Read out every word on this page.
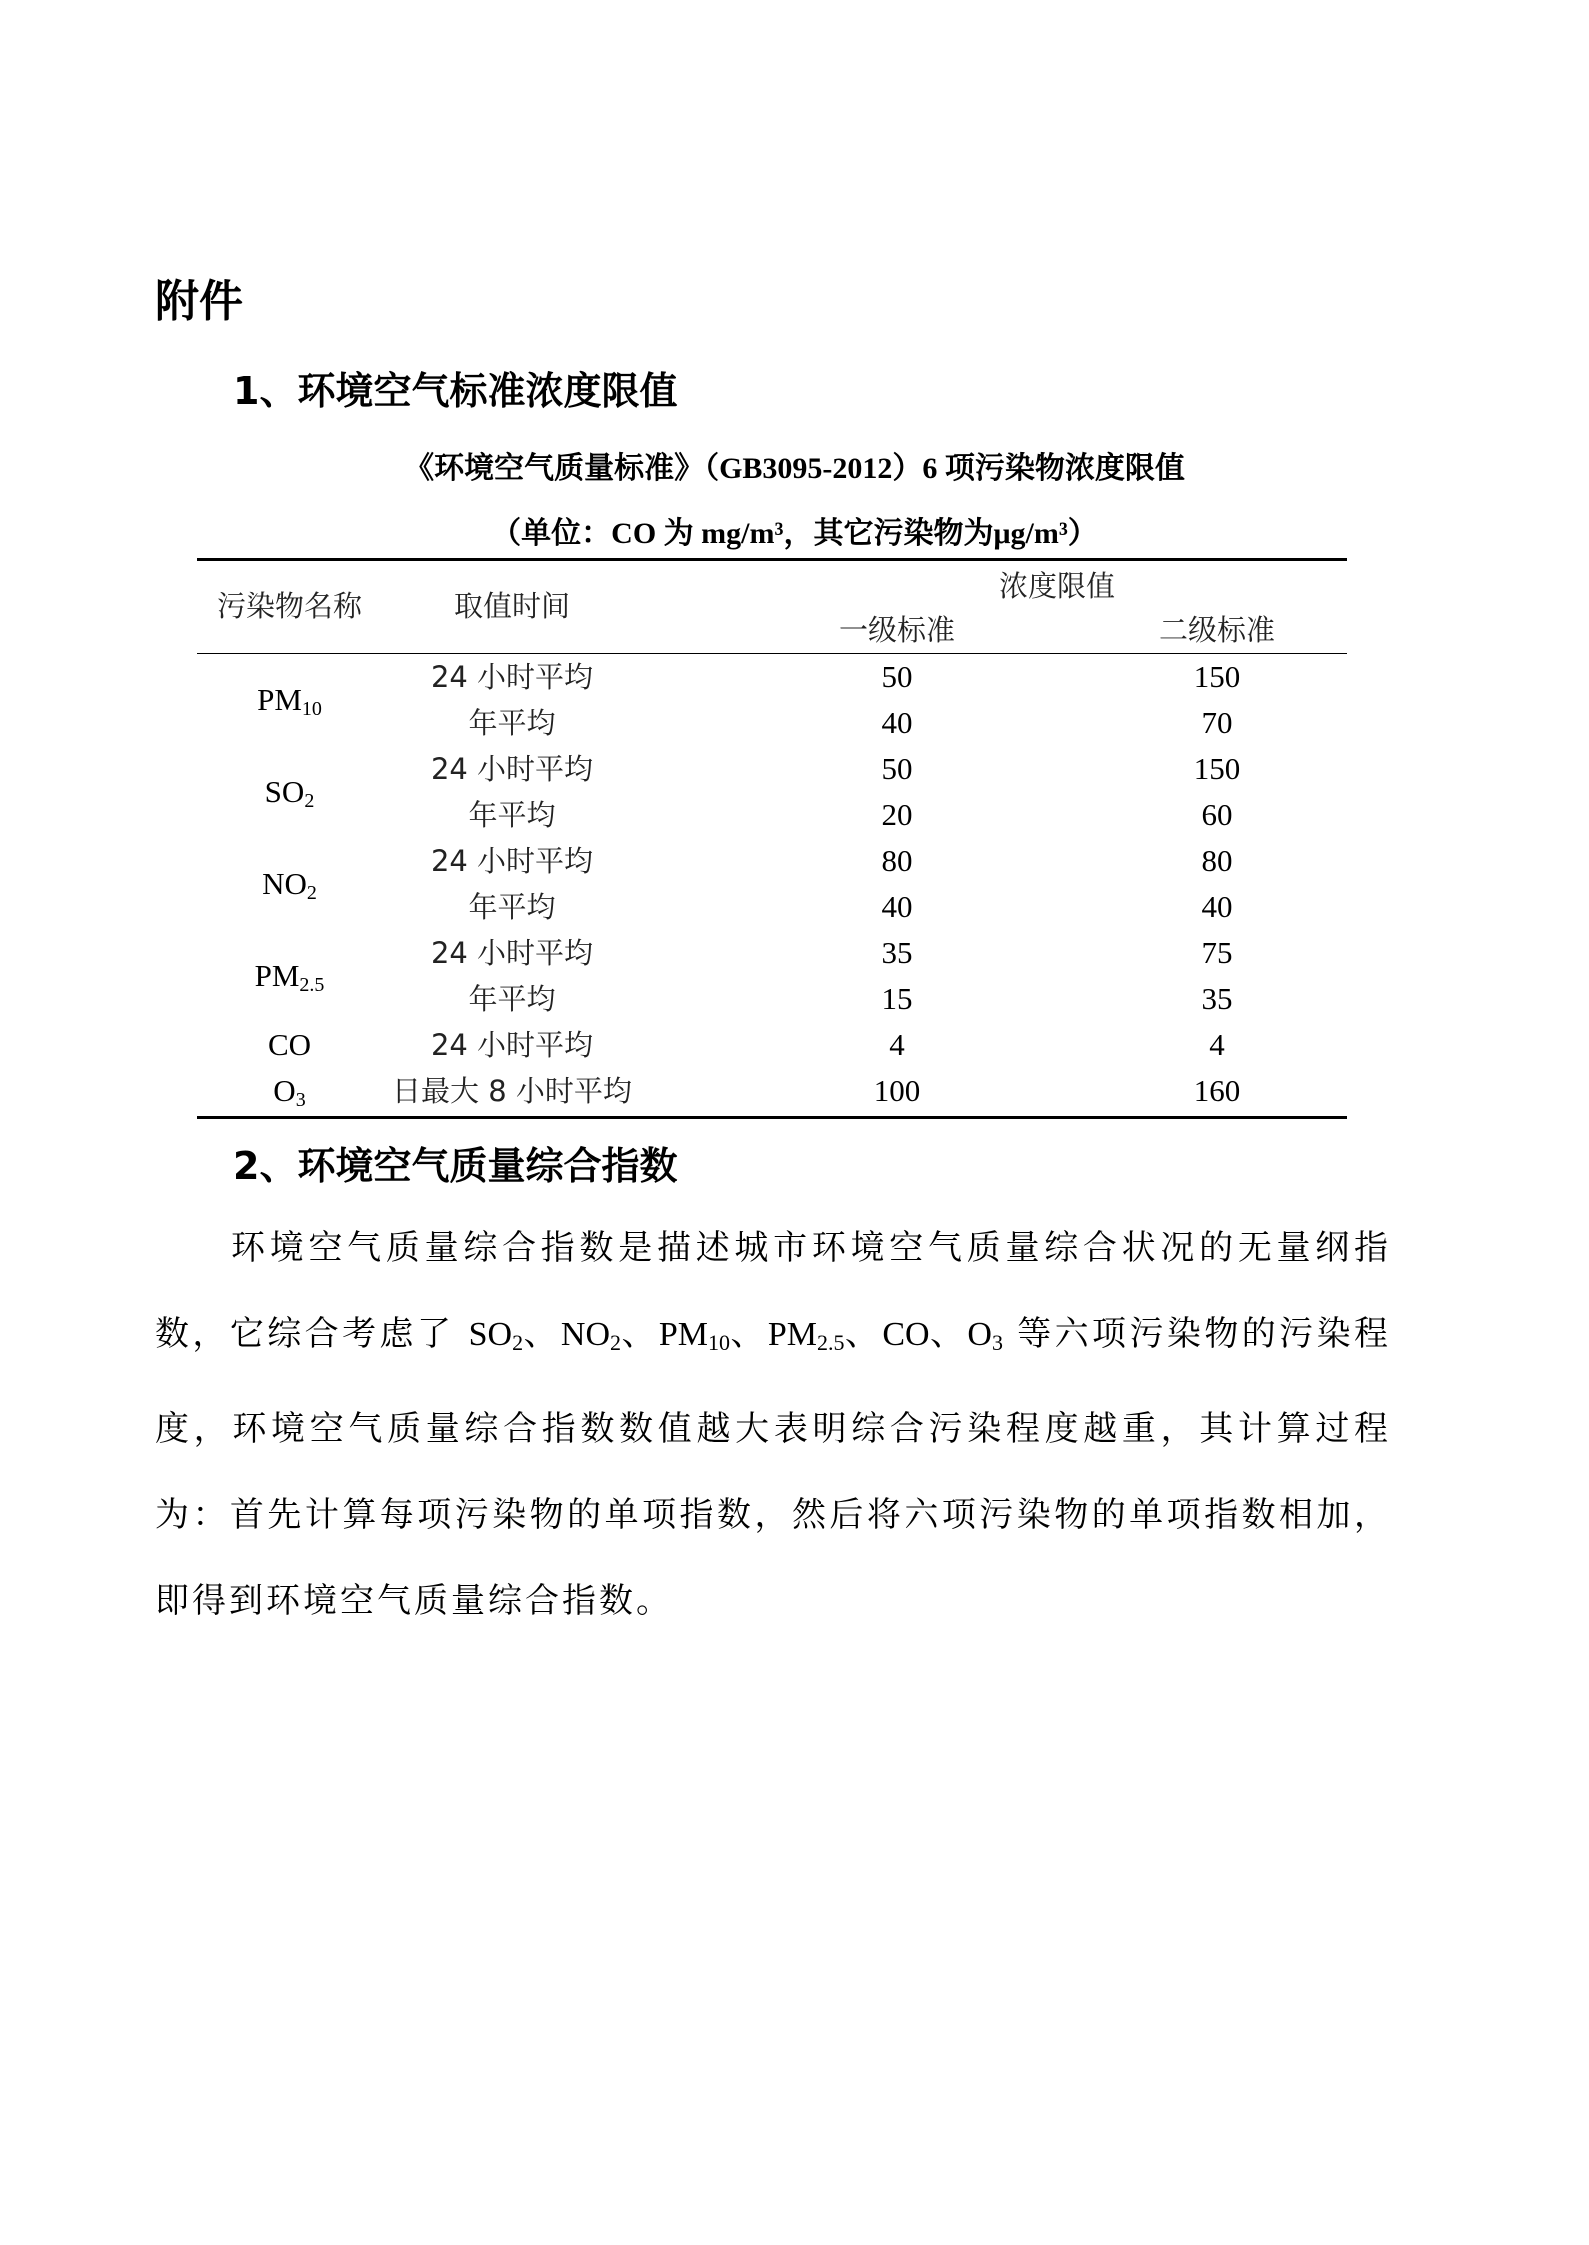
附件
1、环境空气标准浓度限值
《环境空气质量标准》（GB3095-2012）6 项污染物浓度限值
（单位：CO 为 mg/m³，其它污染物为μg/m³）
污染物名称	取值时间
浓度限值
一级标准	二级标准
$PM_{10}$
24 小时平均	50	150
年平均	40	70
$SO_2$
24 小时平均	50	150
年平均	20	60
$NO_2$
24 小时平均	80	80
年平均	40	40
$PM_{2.5}$
24 小时平均	35	75
年平均	15	35
CO	24 小时平均	4	4
$O_3$	日最大 8 小时平均	100	160
2、环境空气质量综合指数
环境空气质量综合指数是描述城市环境空气质量综合状况的无量纲指数，它综合考虑了 $SO_2$、$NO_2$、$PM_{10}$、$PM_{2.5}$、CO、$O_3$ 等六项污染物的污染程度，环境空气质量综合指数数值越大表明综合污染程度越重，其计算过程为：首先计算每项污染物的单项指数，然后将六项污染物的单项指数相加，即得到环境空气质量综合指数。
